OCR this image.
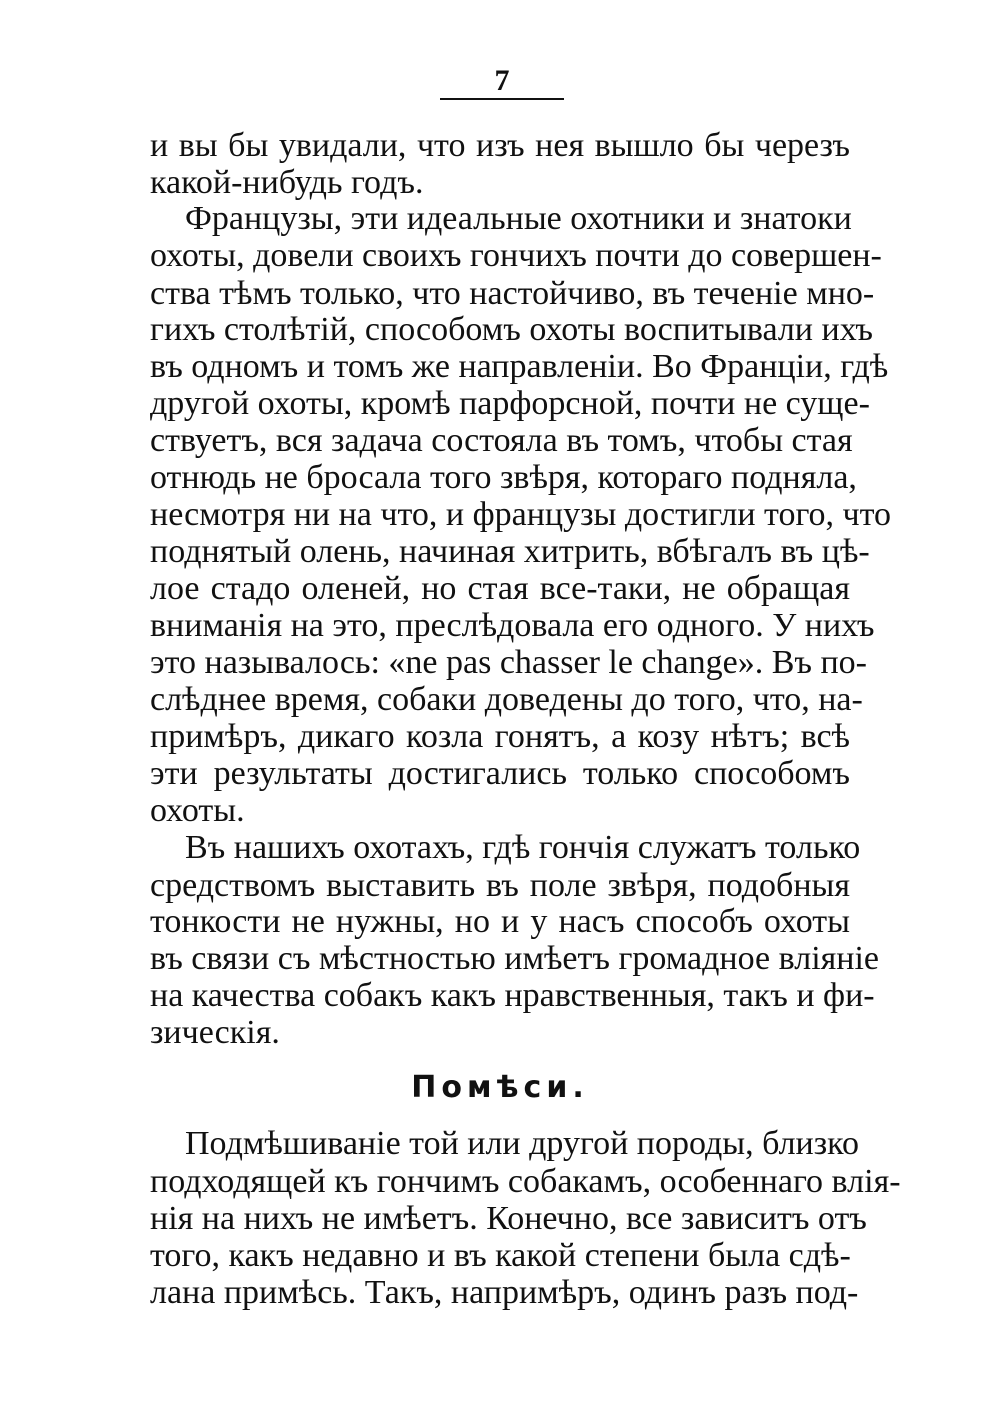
7
и вы бы увидали, что изъ нея вышло бы черезъ
какой-нибудь годъ.
Французы, эти идеальные охотники и знатоки
охоты, довели своихъ гончихъ почти до совершен-
ства тѣмъ только, что настойчиво, въ теченіе мно-
гихъ столѣтій, способомъ охоты воспитывали ихъ
въ одномъ и томъ же направленіи. Во Франціи, гдѣ
другой охоты, кромѣ парфорсной, почти не суще-
ствуетъ, вся задача состояла въ томъ, чтобы стая
отнюдь не бросала того звѣря, котораго подняла,
несмотря ни на что, и французы достигли того, что
поднятый олень, начиная хитрить, вбѣгалъ въ цѣ-
лое стадо оленей, но стая все-таки, не обращая
вниманія на это, преслѣдовала его одного. У нихъ
это называлось: «ne pas chasser le change». Въ по-
слѣднее время, собаки доведены до того, что, на-
примѣръ, дикаго козла гонятъ, а козу нѣтъ; всѣ
эти результаты достигались только способомъ
охоты.
Въ нашихъ охотахъ, гдѣ гончія служатъ только
средствомъ выставить въ поле звѣря, подобныя
тонкости не нужны, но и у насъ способъ охоты
въ связи съ мѣстностью имѣетъ громадное вліяніе
на качества собакъ какъ нравственныя, такъ и фи-
зическія.
Помѣси.
Подмѣшиваніе той или другой породы, близко
подходящей къ гончимъ собакамъ, особеннаго влія-
нія на нихъ не имѣетъ. Конечно, все зависитъ отъ
того, какъ недавно и въ какой степени была сдѣ-
лана примѣсь. Такъ, напримѣръ, одинъ разъ под-
